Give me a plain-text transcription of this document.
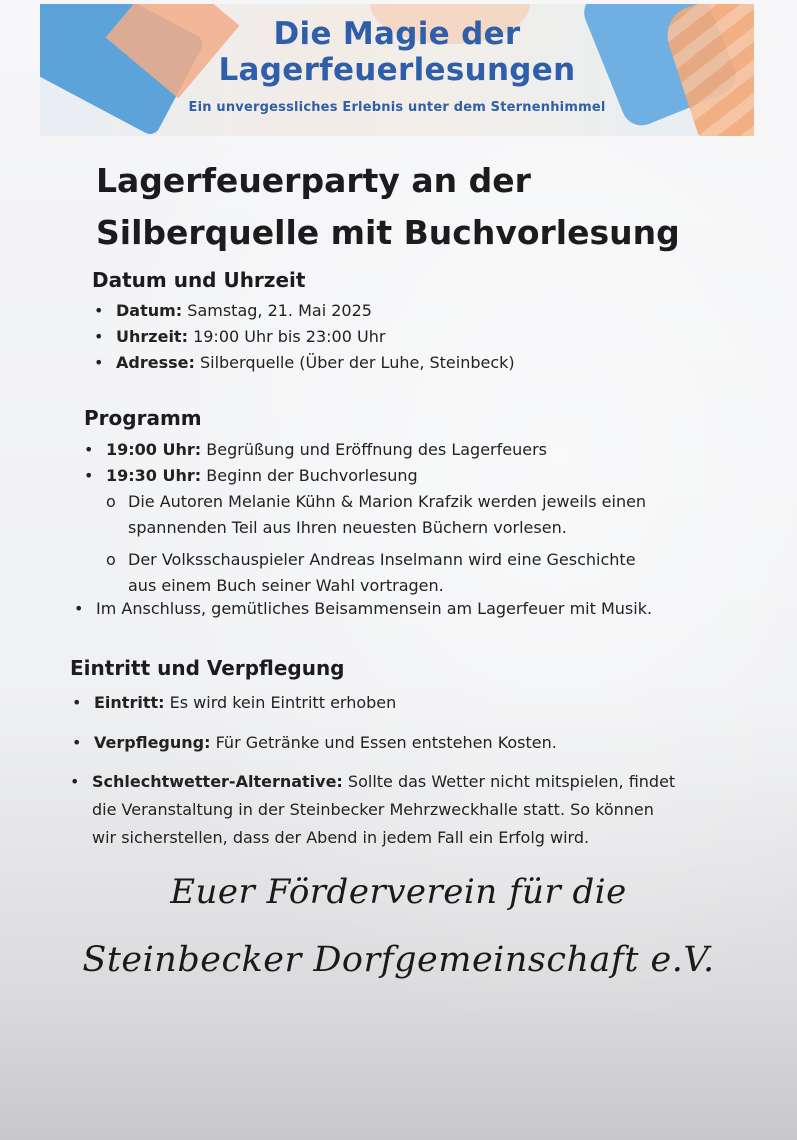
Die Magie der
Lagerfeuerlesungen
Ein unvergessliches Erlebnis unter dem Sternenhimmel
Lagerfeuerparty an der
Silberquelle mit Buchvorlesung
Datum und Uhrzeit
• Datum: Samstag, 21. Mai 2025
• Uhrzeit: 19:00 Uhr bis 23:00 Uhr
• Adresse: Silberquelle (Über der Luhe, Steinbeck)
Programm
• 19:00 Uhr: Begrüßung und Eröffnung des Lagerfeuers
• 19:30 Uhr: Beginn der Buchvorlesung
o Die Autoren Melanie Kühn & Marion Krafzik werden jeweils einen
spannenden Teil aus Ihren neuesten Büchern vorlesen.
o Der Volksschauspieler Andreas Inselmann wird eine Geschichte
aus einem Buch seiner Wahl vortragen.
• Im Anschluss, gemütliches Beisammensein am Lagerfeuer mit Musik.
Eintritt und Verpflegung
• Eintritt: Es wird kein Eintritt erhoben
• Verpflegung: Für Getränke und Essen entstehen Kosten.
• Schlechtwetter-Alternative: Sollte das Wetter nicht mitspielen, findet
die Veranstaltung in der Steinbecker Mehrzweckhalle statt. So können
wir sicherstellen, dass der Abend in jedem Fall ein Erfolg wird.
Euer Förderverein für die
Steinbecker Dorfgemeinschaft e.V.
